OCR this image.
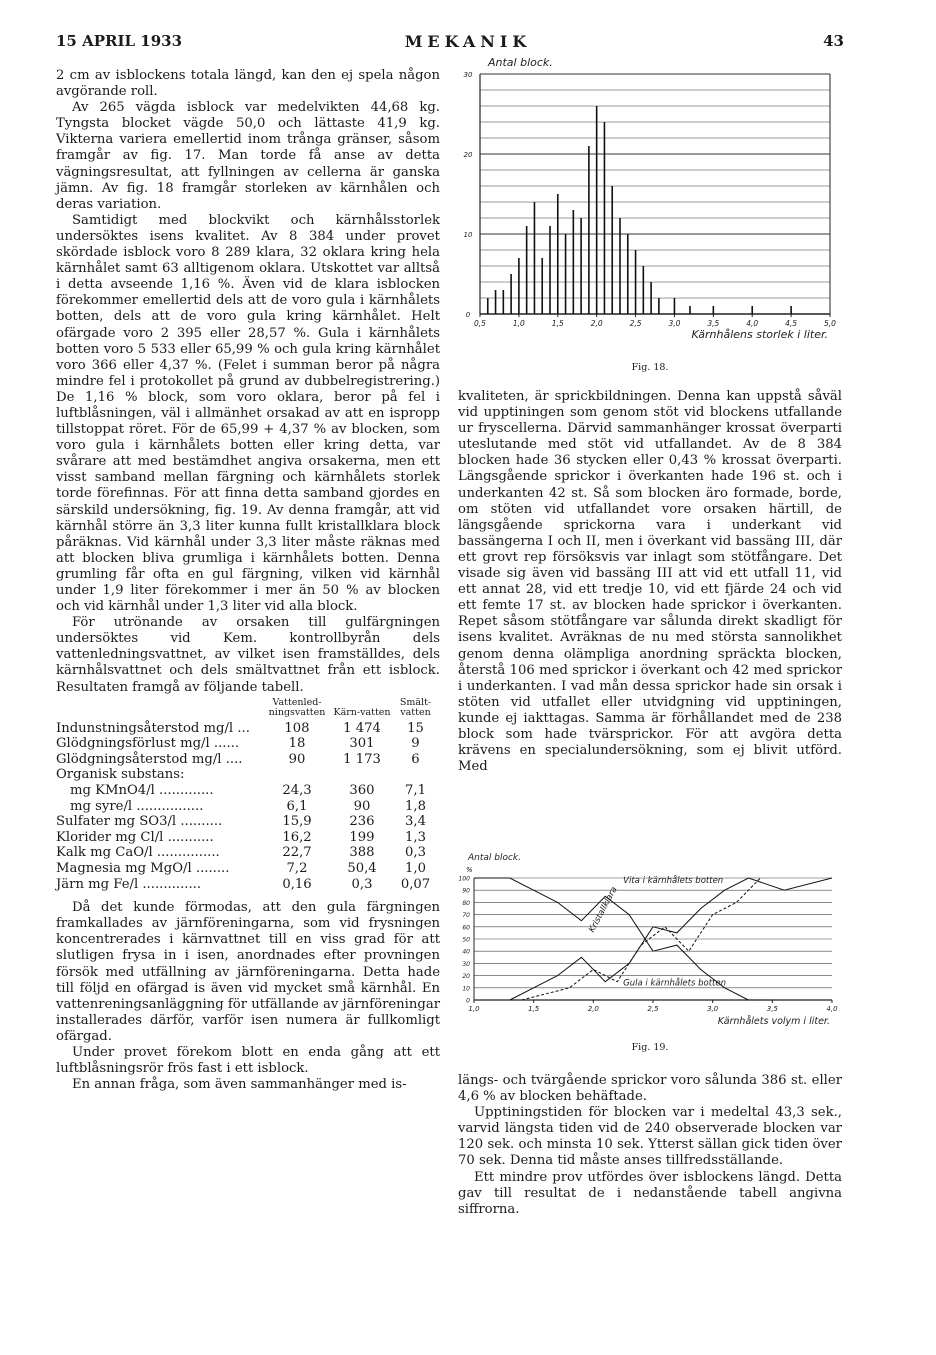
15 APRIL 1933	MEKANIK	43

2 cm av isblockens totala längd, kan den ej spela någon avgörande roll.

Av 265 vägda isblock var medelvikten 44,68 kg. Tyngsta blocket vägde 50,0 och lättaste 41,9 kg. Vikterna variera emellertid inom trånga gränser, såsom framgår av fig. 17. Man torde få anse av detta vägningsresultat, att fyllningen av cellerna är ganska jämn. Av fig. 18 framgår storleken av kärnhålen och deras variation.

Samtidigt med blockvikt och kärnhålsstorlek undersöktes isens kvalitet. Av 8 384 under provet skördade isblock voro 8 289 klara, 32 oklara kring hela kärnhålet samt 63 alltigenom oklara. Utskottet var alltså i detta avseende 1,16 %. Även vid de klara isblocken förekommer emellertid dels att de voro gula i kärnhålets botten, dels att de voro gula kring kärnhålet. Helt ofärgade voro 2 395 eller 28,57 %. Gula i kärnhålets botten voro 5 533 eller 65,99 % och gula kring kärnhålet voro 366 eller 4,37 %. (Felet i summan beror på några mindre fel i protokollet på grund av dubbelregistrering.) De 1,16 % block, som voro oklara, beror på fel i luftblåsningen, väl i allmänhet orsakad av att en ispropp tillstoppat röret. För de 65,99 + 4,37 % av blocken, som voro gula i kärnhålets botten eller kring detta, var svårare att med bestämdhet angiva orsakerna, men ett visst samband mellan färgning och kärnhålets storlek torde förefinnas. För att finna detta samband gjordes en särskild undersökning, fig. 19. Av denna framgår, att vid kärnhål större än 3,3 liter kunna fullt kristallklara block påräknas. Vid kärnhål under 3,3 liter måste räknas med att blocken bliva grumliga i kärnhålets botten. Denna grumling får ofta en gul färgning, vilken vid kärnhål under 1,9 liter förekommer i mer än 50 % av blocken och vid kärnhål under 1,3 liter vid alla block.

För utrönande av orsaken till gulfärgningen undersöktes vid Kem. kontrollbyrån dels vattenledningsvattnet, av vilket isen framställdes, dels kärnhålsvattnet och dels smältvattnet från ett isblock. Resultaten framgå av följande tabell.

	Vattenled-ningsvatten	Kärn-vatten	Smält-vatten
Indunstningsåterstod mg/l ...	108	1 474	15
Glödgningsförlust mg/l ......	18	301	9
Glödgningsåterstod mg/l ....	90	1 173	6
Organisk substans:			
mg KMnO4/l .............	24,3	360	7,1
mg syre/l ................	6,1	90	1,8
Sulfater mg SO3/l ..........	15,9	236	3,4
Klorider mg Cl/l ...........	16,2	199	1,3
Kalk mg CaO/l ...............	22,7	388	0,3
Magnesia mg MgO/l ........	7,2	50,4	1,0
Järn mg Fe/l ..............	0,16	0,3	0,07

Då det kunde förmodas, att den gula färgningen framkallades av järnföreningarna, som vid frysningen koncentrerades i kärnvattnet till en viss grad för att slutligen frysa in i isen, anordnades efter provningen försök med utfällning av järnföreningarna. Detta hade till följd en ofärgad is även vid mycket små kärnhål. En vattenreningsanläggning för utfällande av järnföreningar installerades därför, varför isen numera är fullkomligt ofärgad.

Under provet förekom blott en enda gång att ett luftblåsningsrör frös fast i ett isblock.

En annan fråga, som även sammanhänger med is-

Antal block.
0
10
20
30
0,5	1,0	1,5	2,0	2,5	3,0	3,5	4,0	4,5	5,0
Kärnhålens storlek i liter.
Fig. 18.

kvaliteten, är sprickbildningen. Denna kan uppstå såväl vid upptiningen som genom stöt vid blockens utfallande ur fryscellerna. Därvid sammanhänger krossat överparti uteslutande med stöt vid utfallandet. Av de 8 384 blocken hade 36 stycken eller 0,43 % krossat överparti. Längsgående sprickor i överkanten hade 196 st. och i underkanten 42 st. Så som blocken äro formade, borde, om stöten vid utfallandet vore orsaken härtill, de längsgående sprickorna vara i underkant vid bassängerna I och II, men i överkant vid bassäng III, där ett grovt rep försöksvis var inlagt som stötfångare. Det visade sig även vid bassäng III att vid ett utfall 11, vid ett annat 28, vid ett tredje 10, vid ett fjärde 24 och vid ett femte 17 st. av blocken hade sprickor i överkanten. Repet såsom stötfångare var sålunda direkt skadligt för isens kvalitet. Avräknas de nu med största sannolikhet genom denna olämpliga anordning spräckta blocken, återstå 106 med sprickor i överkant och 42 med sprickor i underkanten. I vad mån dessa sprickor hade sin orsak i stöten vid utfallet eller utvidgning vid upptiningen, kunde ej iakttagas. Samma är förhållandet med de 238 block som hade tvärsprickor. För att avgöra detta krävens en specialundersökning, som ej blivit utförd. Med

Antal block.
%
0
10
20
30
40
50
60
70
80
90
100
1,0	1,5	2,0	2,5	3,0	3,5	4,0
Vita i kärnhålets botten
Kristallklara
Gula i kärnhålets botten
Kärnhålets volym i liter.
Fig. 19.

längs- och tvärgående sprickor voro sålunda 386 st. eller 4,6 % av blocken behäftade.

Upptiningstiden för blocken var i medeltal 43,3 sek., varvid längsta tiden vid de 240 observerade blocken var 120 sek. och minsta 10 sek. Ytterst sällan gick tiden över 70 sek. Denna tid måste anses tillfredsställande.

Ett mindre prov utfördes över isblockens längd. Detta gav till resultat de i nedanstående tabell angivna siffrorna.
